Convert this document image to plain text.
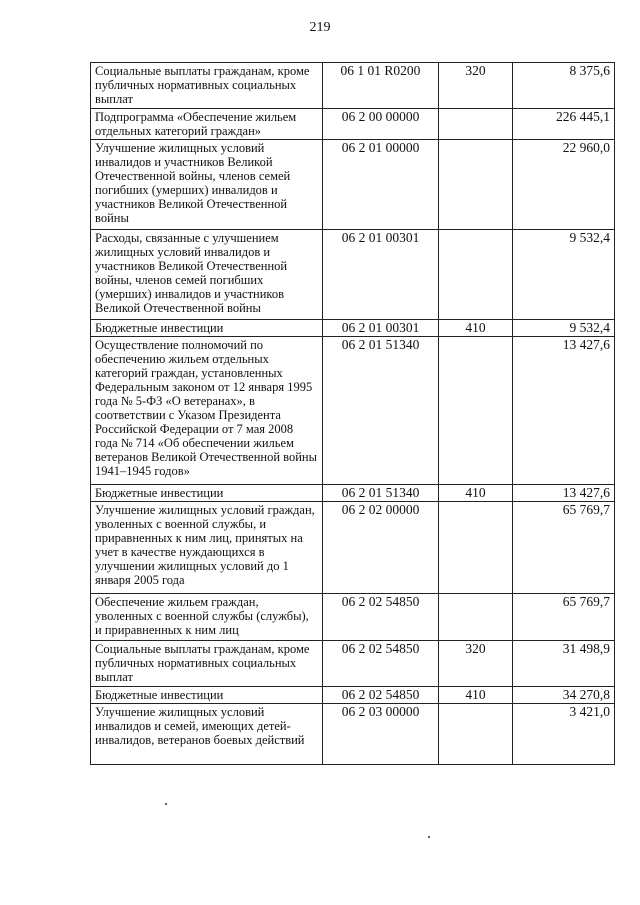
219
Социальные выплаты гражданам, кроме публичных нормативных социальных выплат	06 1 01 R0200	320	8 375,6
Подпрограмма «Обеспечение жильем отдельных категорий граждан»	06 2 00 00000		226 445,1
Улучшение жилищных условий инвалидов и участников Великой Отечественной войны, членов семей погибших (умерших) инвалидов и участников Великой Отечественной войны	06 2 01 00000		22 960,0
Расходы, связанные с улучшением жилищных условий инвалидов и участников Великой Отечественной войны, членов семей погибших (умерших) инвалидов и участников Великой Отечественной войны	06 2 01 00301		9 532,4
Бюджетные инвестиции	06 2 01 00301	410	9 532,4
Осуществление полномочий по обеспечению жильем отдельных категорий граждан, установленных Федеральным законом от 12 января 1995 года № 5-ФЗ «О ветеранах», в соответствии с Указом Президента Российской Федерации от 7 мая 2008 года № 714 «Об обеспечении жильем ветеранов Великой Отечественной войны 1941–1945 годов»	06 2 01 51340		13 427,6
Бюджетные инвестиции	06 2 01 51340	410	13 427,6
Улучшение жилищных условий граждан, уволенных с военной службы, и приравненных к ним лиц, принятых на учет в качестве нуждающихся в улучшении жилищных условий до 1 января 2005 года	06 2 02 00000		65 769,7
Обеспечение жильем граждан, уволенных с военной службы (службы), и приравненных к ним лиц	06 2 02 54850		65 769,7
Социальные выплаты гражданам, кроме публичных нормативных социальных выплат	06 2 02 54850	320	31 498,9
Бюджетные инвестиции	06 2 02 54850	410	34 270,8
Улучшение жилищных условий инвалидов и семей, имеющих детей-инвалидов, ветеранов боевых действий	06 2 03 00000		3 421,0
